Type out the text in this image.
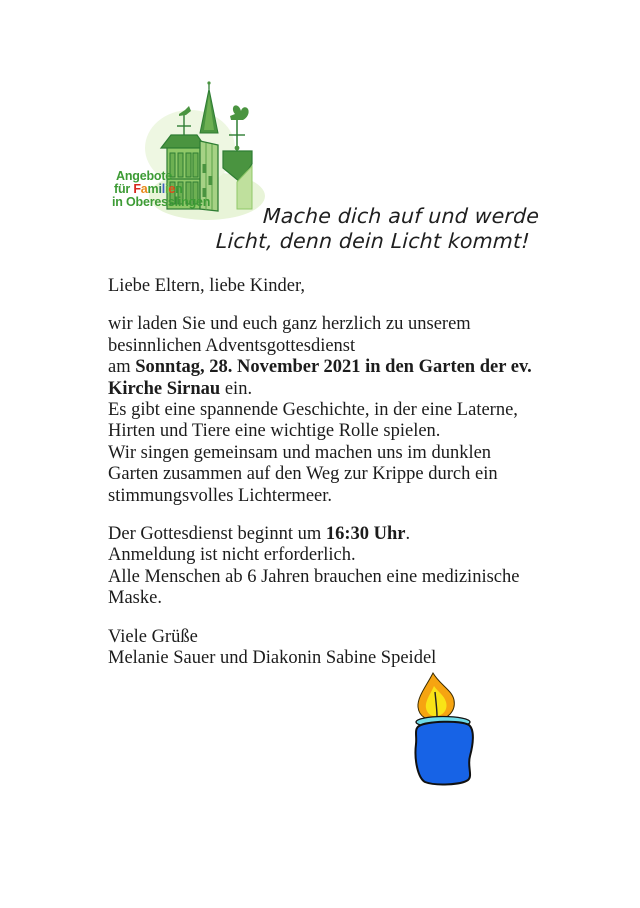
Angebote
für Familien
in Oberesslingen
Mache dich auf und werde
Licht, denn dein Licht kommt!

Liebe Eltern, liebe Kinder,

wir laden Sie und euch ganz herzlich zu unserem
besinnlichen Adventsgottesdienst
am Sonntag, 28. November 2021 in den Garten der ev.
Kirche Sirnau ein.
Es gibt eine spannende Geschichte, in der eine Laterne,
Hirten und Tiere eine wichtige Rolle spielen.
Wir singen gemeinsam und machen uns im dunklen
Garten zusammen auf den Weg zur Krippe durch ein
stimmungsvolles Lichtermeer.

Der Gottesdienst beginnt um 16:30 Uhr.
Anmeldung ist nicht erforderlich.
Alle Menschen ab 6 Jahren brauchen eine medizinische
Maske.

Viele Grüße
Melanie Sauer und Diakonin Sabine Speidel
